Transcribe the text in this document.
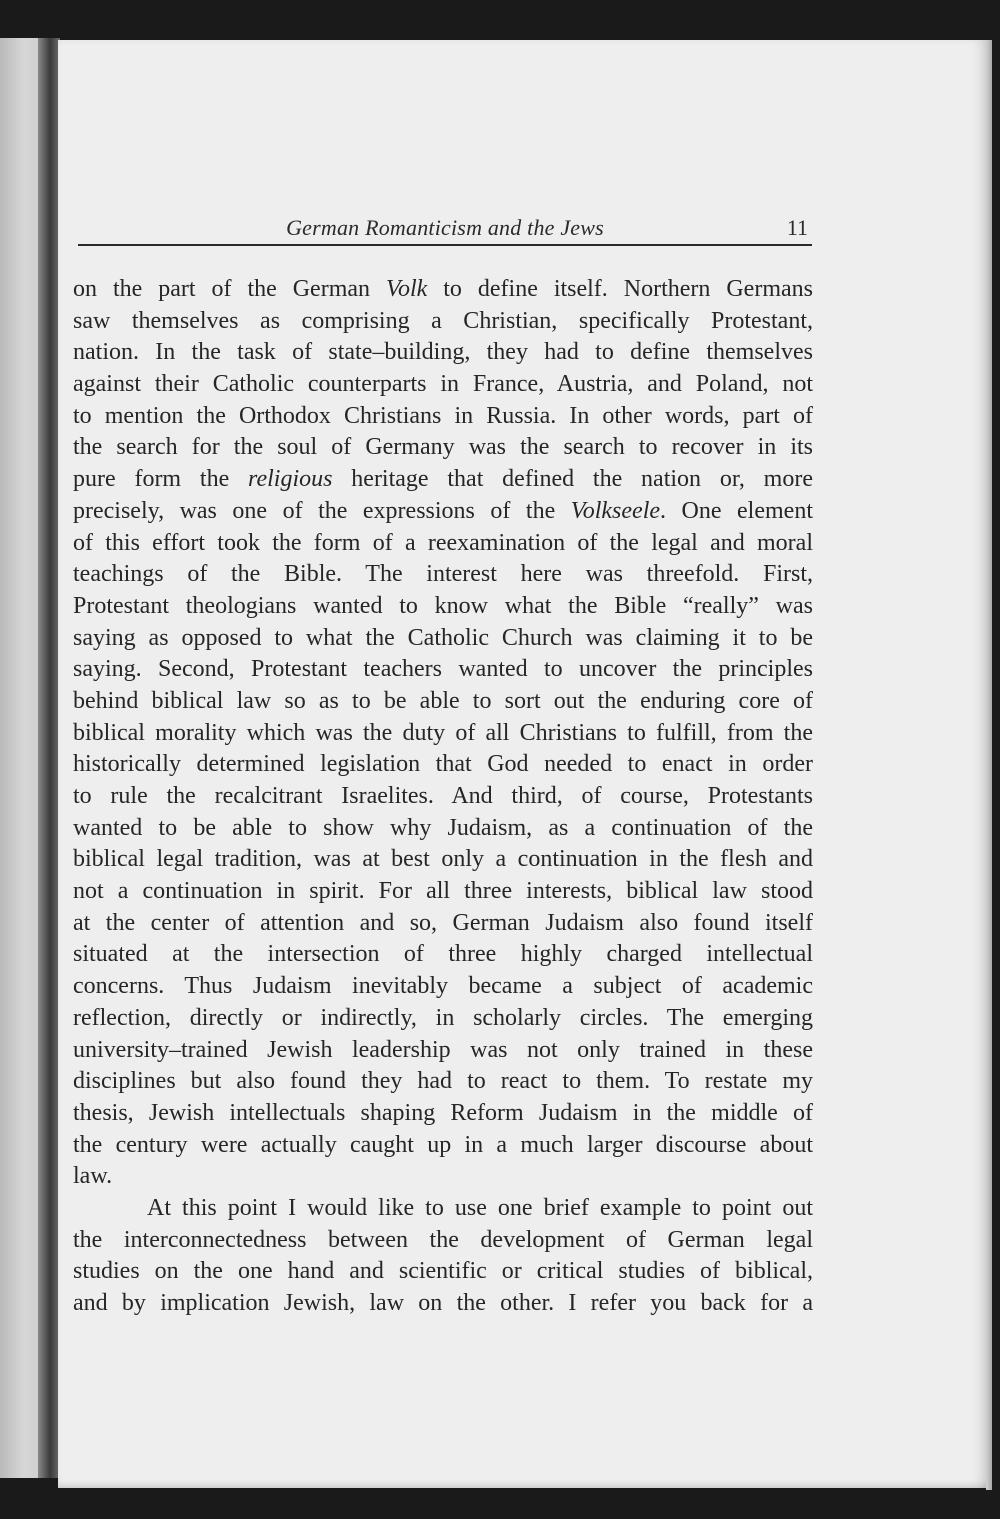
German Romanticism and the Jews	11
on the part of the German Volk to define itself. Northern Germans
saw themselves as comprising a Christian, specifically Protestant,
nation. In the task of state–building, they had to define themselves
against their Catholic counterparts in France, Austria, and Poland, not
to mention the Orthodox Christians in Russia. In other words, part of
the search for the soul of Germany was the search to recover in its
pure form the religious heritage that defined the nation or, more
precisely, was one of the expressions of the Volkseele. One element
of this effort took the form of a reexamination of the legal and moral
teachings of the Bible. The interest here was threefold. First,
Protestant theologians wanted to know what the Bible “really” was
saying as opposed to what the Catholic Church was claiming it to be
saying. Second, Protestant teachers wanted to uncover the principles
behind biblical law so as to be able to sort out the enduring core of
biblical morality which was the duty of all Christians to fulfill, from the
historically determined legislation that God needed to enact in order
to rule the recalcitrant Israelites. And third, of course, Protestants
wanted to be able to show why Judaism, as a continuation of the
biblical legal tradition, was at best only a continuation in the flesh and
not a continuation in spirit. For all three interests, biblical law stood
at the center of attention and so, German Judaism also found itself
situated at the intersection of three highly charged intellectual
concerns. Thus Judaism inevitably became a subject of academic
reflection, directly or indirectly, in scholarly circles. The emerging
university–trained Jewish leadership was not only trained in these
disciplines but also found they had to react to them. To restate my
thesis, Jewish intellectuals shaping Reform Judaism in the middle of
the century were actually caught up in a much larger discourse about
law.
At this point I would like to use one brief example to point out
the interconnectedness between the development of German legal
studies on the one hand and scientific or critical studies of biblical,
and by implication Jewish, law on the other. I refer you back for a
